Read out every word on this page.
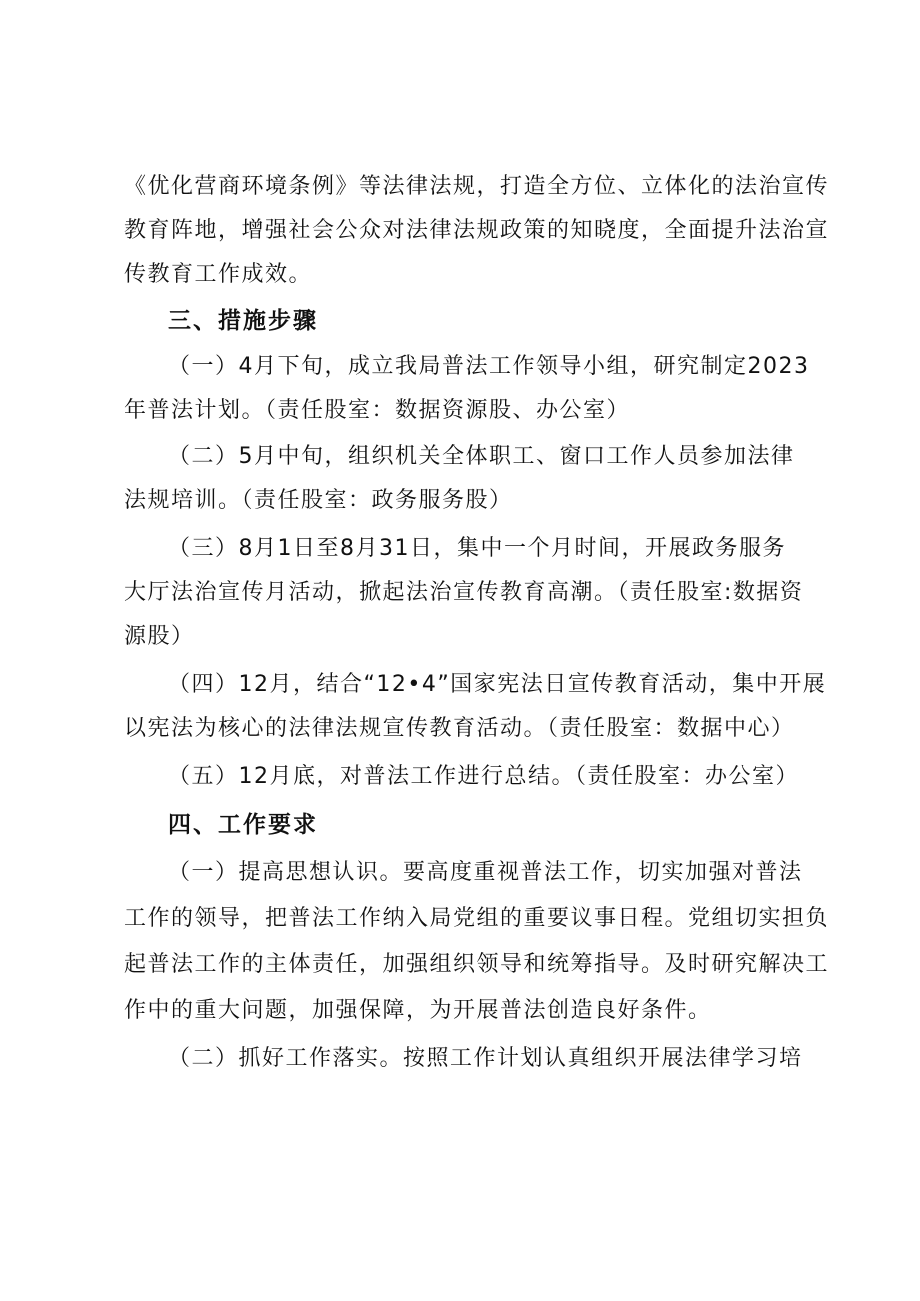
《优化营商环境条例》等法律法规，打造全方位、立体化的法治宣传
教育阵地，增强社会公众对法律法规政策的知晓度，全面提升法治宣
传教育工作成效。
三、措施步骤
（一）4月下旬，成立我局普法工作领导小组，研究制定2023
年普法计划。（责任股室：数据资源股、办公室）
（二）5月中旬，组织机关全体职工、窗口工作人员参加法律
法规培训。（责任股室：政务服务股）
（三）8月1日至8月31日，集中一个月时间，开展政务服务
大厅法治宣传月活动，掀起法治宣传教育高潮。（责任股室:数据资
源股）
（四）12月，结合“12•4”国家宪法日宣传教育活动，集中开展
以宪法为核心的法律法规宣传教育活动。（责任股室：数据中心）
（五）12月底，对普法工作进行总结。（责任股室：办公室）
四、工作要求
（一）提高思想认识。要高度重视普法工作，切实加强对普法
工作的领导，把普法工作纳入局党组的重要议事日程。党组切实担负
起普法工作的主体责任，加强组织领导和统筹指导。及时研究解决工
作中的重大问题，加强保障，为开展普法创造良好条件。
（二）抓好工作落实。按照工作计划认真组织开展法律学习培
